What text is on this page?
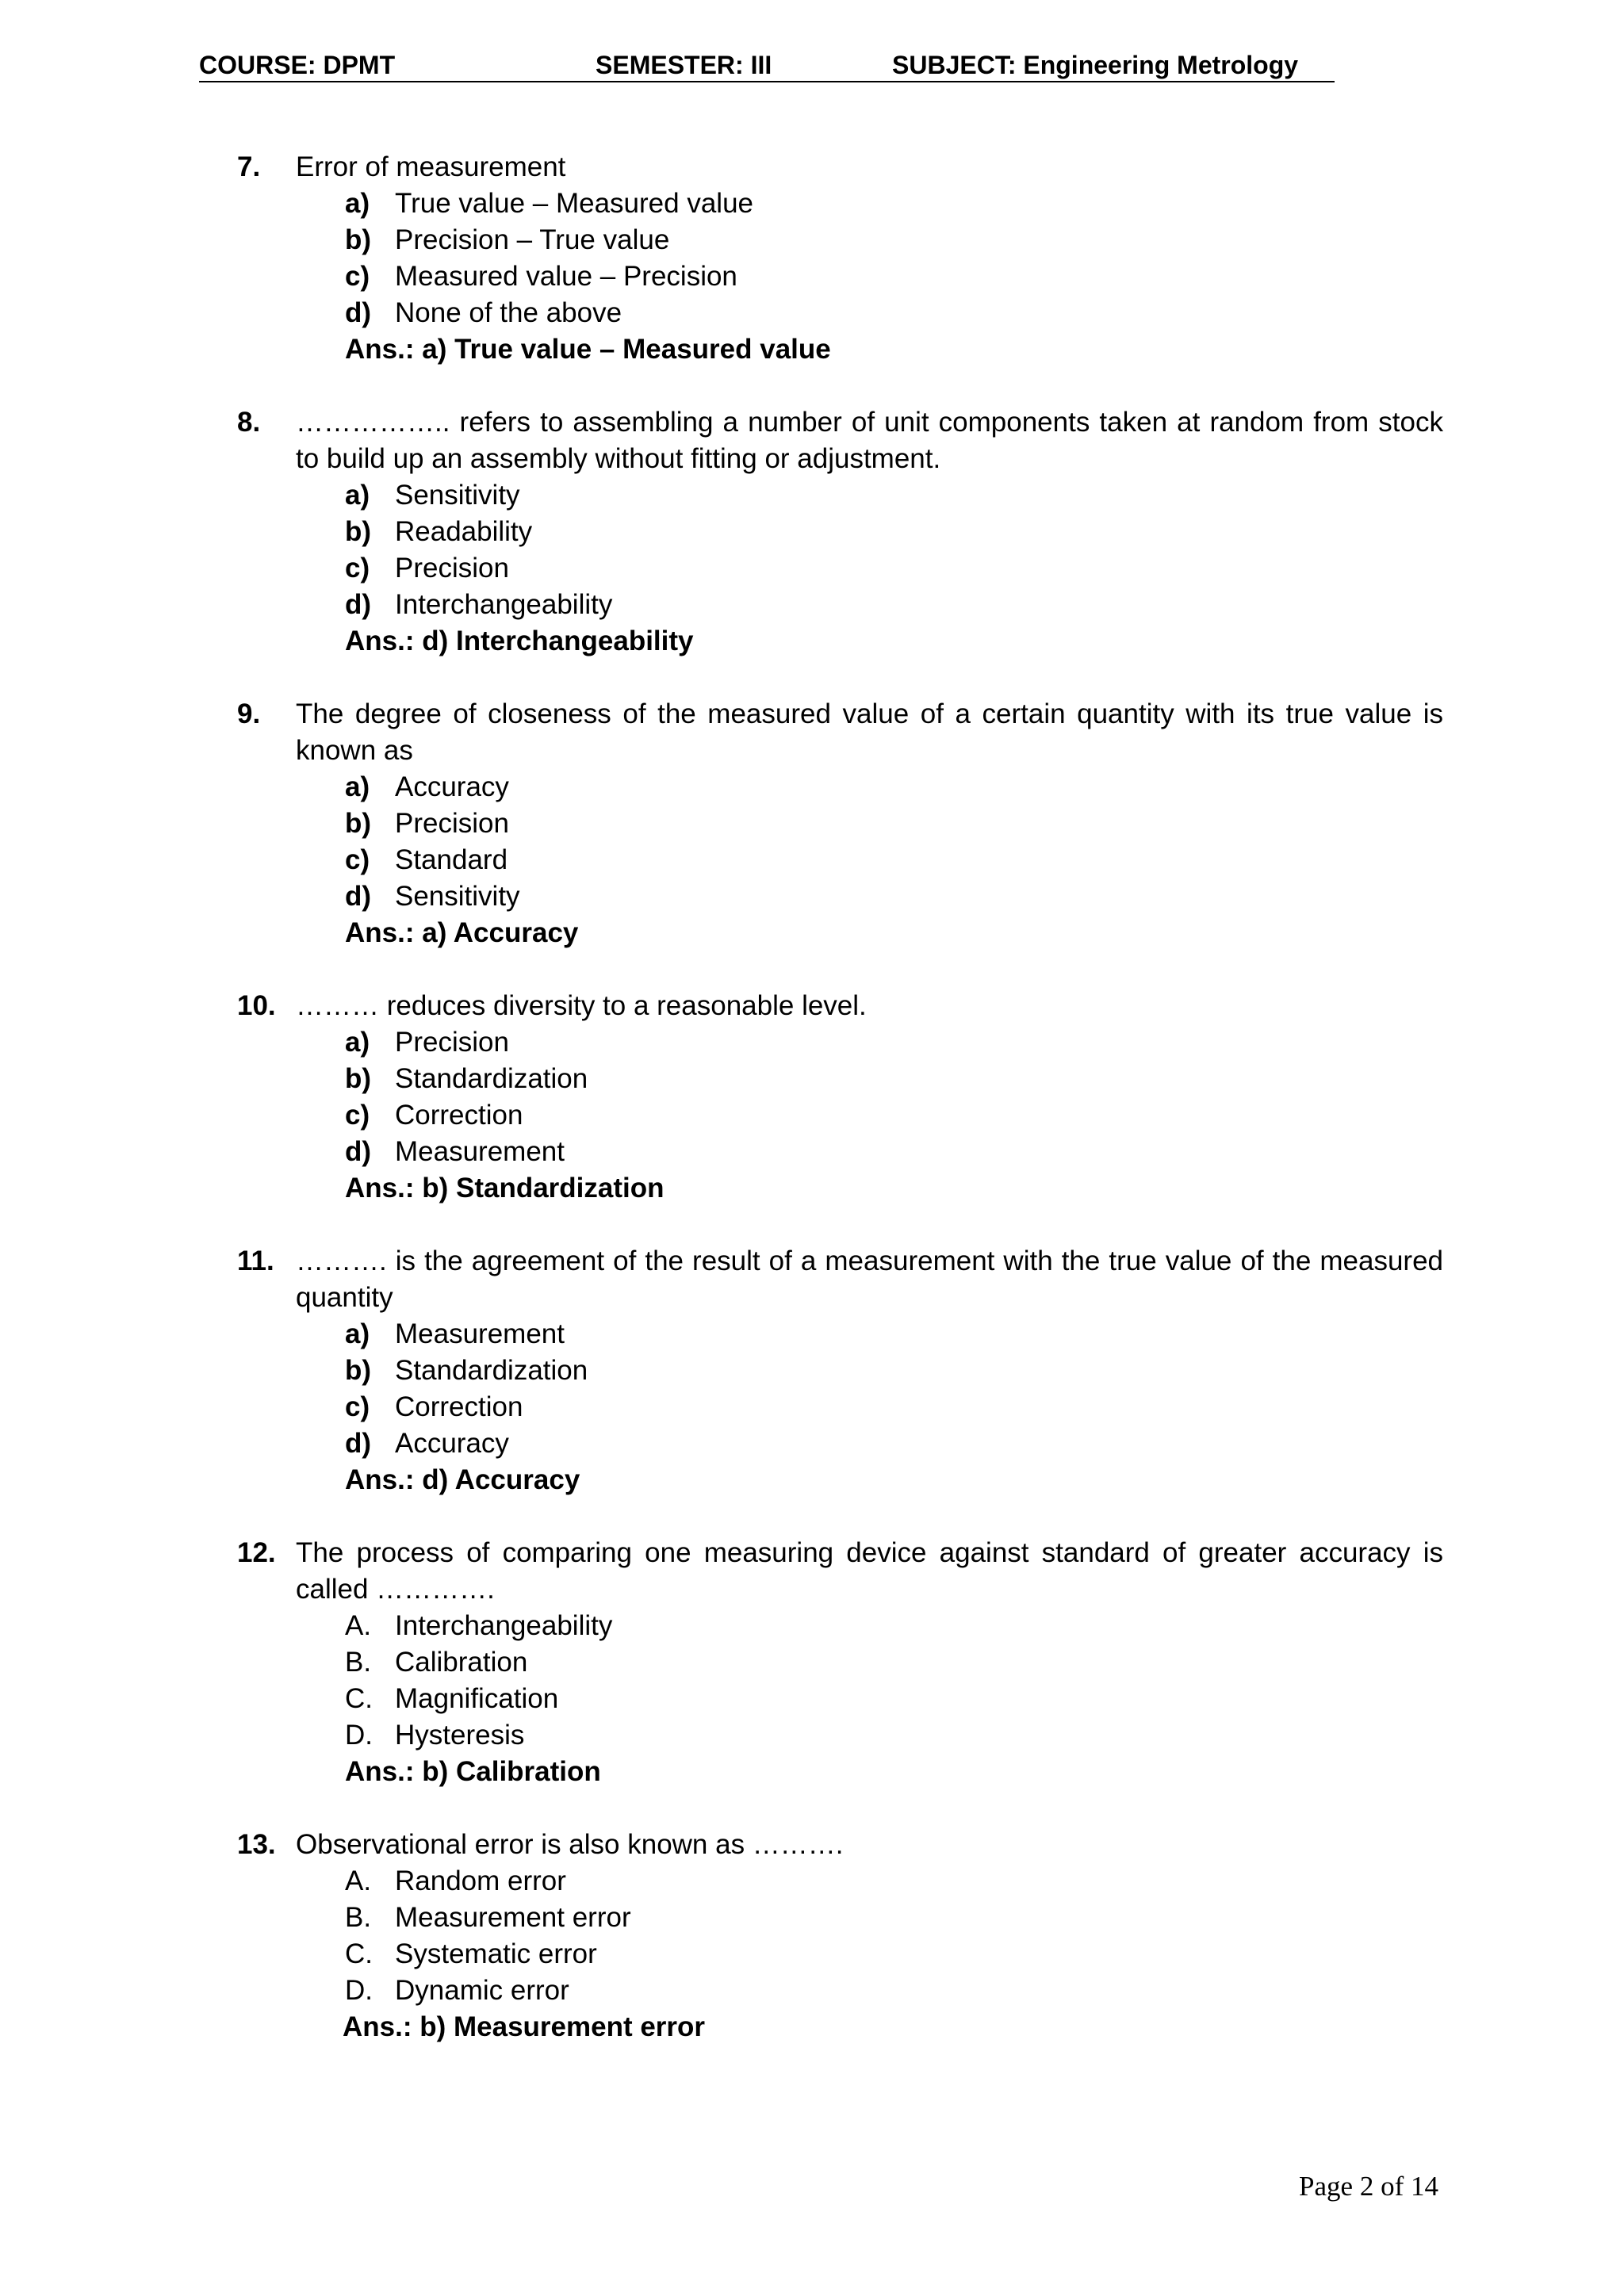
COURSE: DPMT	SEMESTER: III	SUBJECT: Engineering Metrology
7. Error of measurement
a) True value – Measured value
b) Precision – True value
c) Measured value – Precision
d) None of the above
Ans.: a) True value – Measured value
8. …………….. refers to assembling a number of unit components taken at random from stock to build up an assembly without fitting or adjustment.
a) Sensitivity
b) Readability
c) Precision
d) Interchangeability
Ans.: d) Interchangeability
9. The degree of closeness of the measured value of a certain quantity with its true value is known as
a) Accuracy
b) Precision
c) Standard
d) Sensitivity
Ans.: a) Accuracy
10. ……… reduces diversity to a reasonable level.
a) Precision
b) Standardization
c) Correction
d) Measurement
Ans.: b) Standardization
11. ………. is the agreement of the result of a measurement with the true value of the measured quantity
a) Measurement
b) Standardization
c) Correction
d) Accuracy
Ans.: d) Accuracy
12. The process of comparing one measuring device against standard of greater accuracy is called ………….
A. Interchangeability
B. Calibration
C. Magnification
D. Hysteresis
Ans.: b) Calibration
13. Observational error is also known as ……….
A. Random error
B. Measurement error
C. Systematic error
D. Dynamic error
Ans.: b) Measurement error
Page 2 of 14
